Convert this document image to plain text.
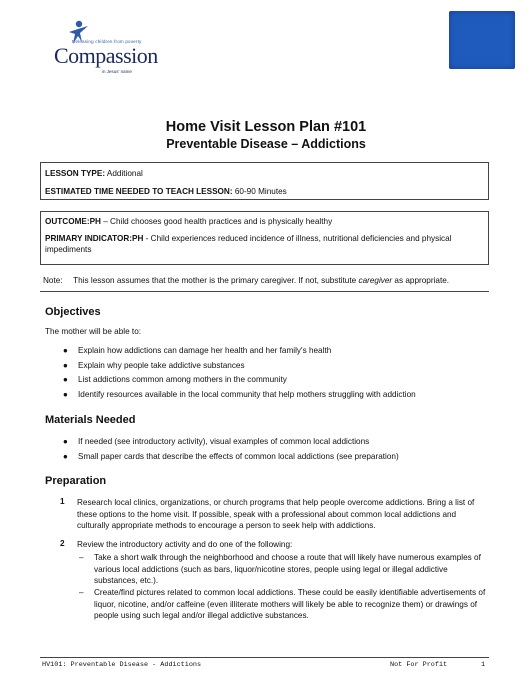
Releasing children from poverty
Compassion
in Jesus' name
Home Visit Lesson Plan #101
Preventable Disease – Addictions

LESSON TYPE: Additional

ESTIMATED TIME NEEDED TO TEACH LESSON: 60-90 Minutes

OUTCOME:PH – Child chooses good health practices and is physically healthy

PRIMARY INDICATOR:PH - Child experiences reduced incidence of illness, nutritional deficiencies and physical impediments

Note: This lesson assumes that the mother is the primary caregiver. If not, substitute caregiver as appropriate.
Objectives

The mother will be able to:

● Explain how addictions can damage her health and her family's health
● Explain why people take addictive substances
● List addictions common among mothers in the community
● Identify resources available in the local community that help mothers struggling with addiction
Materials Needed
● If needed (see introductory activity), visual examples of common local addictions
● Small paper cards that describe the effects of common local addictions (see preparation)
Preparation
1 Research local clinics, organizations, or church programs that help people overcome addictions. Bring a list of these options to the home visit. If possible, speak with a professional about common local addictions and culturally appropriate methods to encourage a person to seek help with addictions.
2 Review the introductory activity and do one of the following:
– Take a short walk through the neighborhood and choose a route that will likely have numerous examples of various local addictions (such as bars, liquor/nicotine stores, people using legal or illegal addictive substances, etc.).
– Create/find pictures related to common local addictions. These could be easily identifiable advertisements of liquor, nicotine, and/or caffeine (even illiterate mothers will likely be able to recognize them) or drawings of people using such legal and/or illegal addictive substances.
HV101: Preventable Disease - Addictions	Not For Profit	1
